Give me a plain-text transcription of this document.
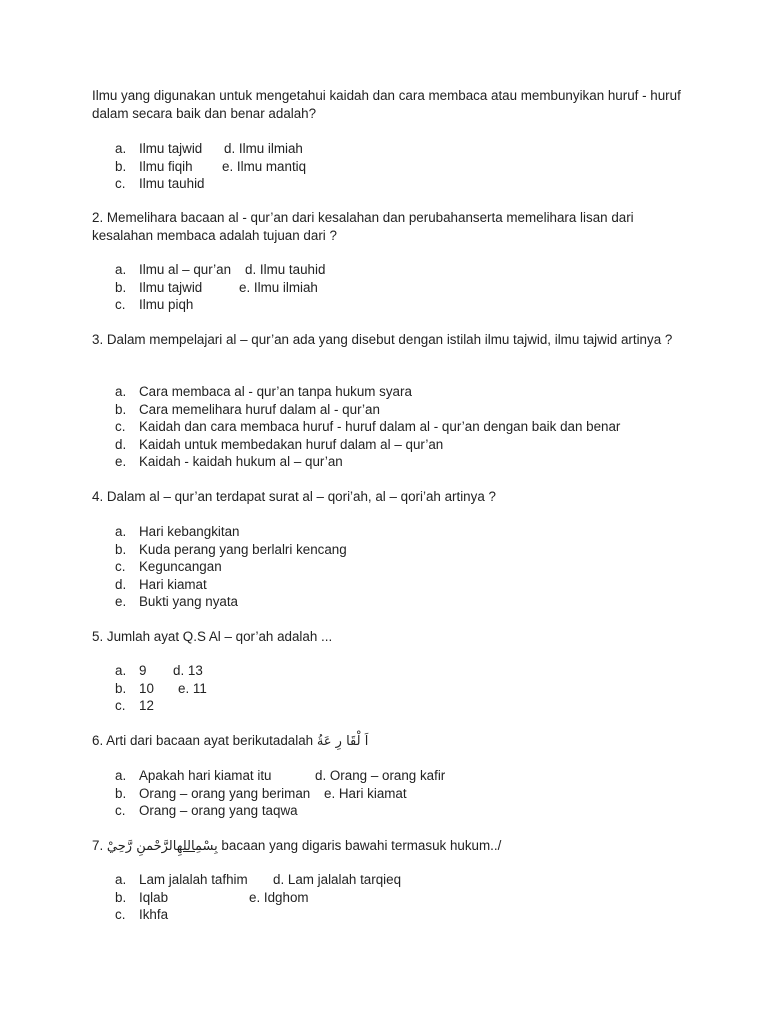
Ilmu yang digunakan untuk mengetahui kaidah dan cara membaca atau membunyikan huruf - huruf dalam secara baik dan benar adalah?

a. Ilmu tajwid d. Ilmu ilmiah
b. Ilmu fiqih e. Ilmu mantiq
c. Ilmu tauhid

2. Memelihara bacaan al - qur’an dari kesalahan dan perubahanserta memelihara lisan dari kesalahan membaca adalah tujuan dari ?

a. Ilmu al – qur’an d. Ilmu tauhid
b. Ilmu tajwid	e. Ilmu ilmiah
c. Ilmu piqh

3. Dalam mempelajari al – qur’an ada yang disebut dengan istilah ilmu tajwid, ilmu tajwid artinya ?

a. Cara membaca al - qur’an tanpa hukum syara
b. Cara memelihara huruf dalam al - qur’an
c. Kaidah dan cara membaca huruf - huruf dalam al - qur’an dengan baik dan benar
d. Kaidah untuk membedakan huruf dalam al – qur’an
e. Kaidah - kaidah hukum al – qur’an

4. Dalam al – qur’an terdapat surat al – qori’ah, al – qori’ah artinya ?

a. Hari kebangkitan
b. Kuda perang yang berlalri kencang
c. Keguncangan
d. Hari kiamat
e. Bukti yang nyata

5. Jumlah ayat Q.S Al – qor’ah adalah ...

a. 9 d. 13
b. 10 e. 11
c. 12

6. Arti dari bacaan ayat berikutadalah اَ لْقَا رِ عَةُ

a. Apakah hari kiamat itu	d. Orang – orang kafir
b. Orang – orang yang beriman e. Hari kiamat
c. Orang – orang yang taqwa

7.	بِسْمِاللهِالرَّحْمنِ رَّحِيْ	bacaan yang digaris bawahi termasuk hukum../

a. Lam jalalah tafhim d. Lam jalalah tarqieq
b. Iqlab	e. Idghom
c. Ikhfa
